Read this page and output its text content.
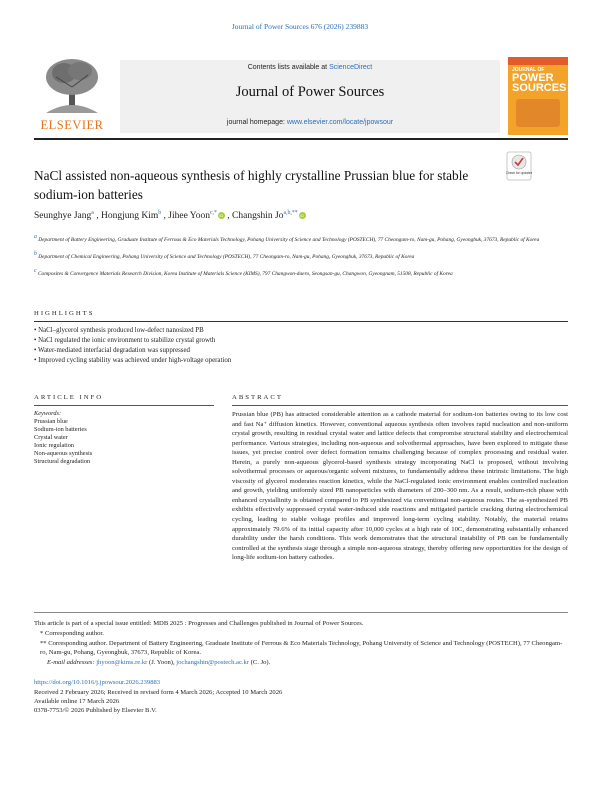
Journal of Power Sources 676 (2026) 239883
ELSEVIER
Contents lists available at ScienceDirect
Journal of Power Sources
journal homepage: www.elsevier.com/locate/jpowsour
JOURNAL OF
POWER
SOURCES
NaCl assisted non-aqueous synthesis of highly crystalline Prussian blue for stable sodium-ion batteries
Check for updates
Seunghye Jang$^a$ , Hongjung Kim$^b$ , Jihee Yoon$^{c,*}$ iD , Changshin $Jo^{a,b,**}$ iD
$^a$ Department of Battery Engineering, Graduate Institute of Ferrous & Eco Materials Technology, Pohang University of Science and Technology (POSTECH), 77 Cheongam-ro, Nam-gu, Pohang, Gyeongbuk, 37673, Republic of Korea
$^b$ Department of Chemical Engineering, Pohang University of Science and Technology (POSTECH), 77 Cheongam-ro, Nam-gu, Pohang, Gyeongbuk, 37673, Republic of Korea
$^c$ Composites & Convergence Materials Research Division, Korea Institute of Materials Science (KIMS), 797 Changwon-daero, Seongsan-gu, Changwon, Gyeongnam, 51508, Republic of Korea
HIGHLIGHTS
• NaCl–glycerol synthesis produced low-defect nanosized PB
• NaCl regulated the ionic environment to stabilize crystal growth
• Water-mediated interfacial degradation was suppressed
• Improved cycling stability was achieved under high-voltage operation
ARTICLE INFO	ABSTRACT
Keywords:
Prussian blue
Sodium-ion batteries
Crystal water
Ionic regulation
Non-aqueous synthesis
Structural degradation
Prussian blue (PB) has attracted considerable attention as a cathode material for sodium-ion batteries owing to its low cost and fast Na⁺ diffusion kinetics. However, conventional aqueous synthesis often involves rapid nucleation and non-uniform crystal growth, resulting in residual crystal water and lattice defects that compromise structural stability and electrochemical performance. Various strategies, including non-aqueous and solvothermal approaches, have been explored to mitigate these issues, yet precise control over defect formation remains challenging because of complex processing and residual water. Herein, a purely non-aqueous glycerol-based synthesis strategy incorporating NaCl is proposed, without involving solvothermal processes or aqueous/organic solvent mixtures, to fundamentally address these intrinsic limitations. The high viscosity of glycerol moderates reaction kinetics, while the NaCl-regulated ionic environment enables controlled nucleation and growth, yielding uniformly sized PB nanoparticles with diameters of 200–300 nm. As a result, sodium-rich phase with enhanced crystallinity is obtained compared to PB synthesized via conventional non-aqueous routes. The as-synthesized PB exhibits effectively suppressed crystal water-induced side reactions and mitigated particle cracking during electrochemical cycling, leading to stable voltage profiles and improved long-term cycling stability. Notably, the material retains approximately 79.6% of its initial capacity after 10,000 cycles at a high rate of 10C, demonstrating substantially enhanced durability under the harsh conditions. This work demonstrates that the structural instability of PB can be fundamentally controlled at the synthesis stage through a simple non-aqueous strategy, thereby offering new opportunities for the design of long-life sodium-ion battery cathodes.
This article is part of a special issue entitled: MDB 2025 : Progresses and Challenges published in Journal of Power Sources.
* Corresponding author.
** Corresponding author. Department of Battery Engineering, Graduate Institute of Ferrous & Eco Materials Technology, Pohang University of Science and Technology (POSTECH), 77 Cheongam-ro, Nam-gu, Pohang, Gyeongbuk, 37673, Republic of Korea.
E-mail addresses: jhyoon@kims.re.kr (J. Yoon), jochangshin@postech.ac.kr (C. Jo).
https://doi.org/10.1016/j.jpowsour.2026.239883
Received 2 February 2026; Received in revised form 4 March 2026; Accepted 10 March 2026
Available online 17 March 2026
0378-7753/© 2026 Published by Elsevier B.V.
